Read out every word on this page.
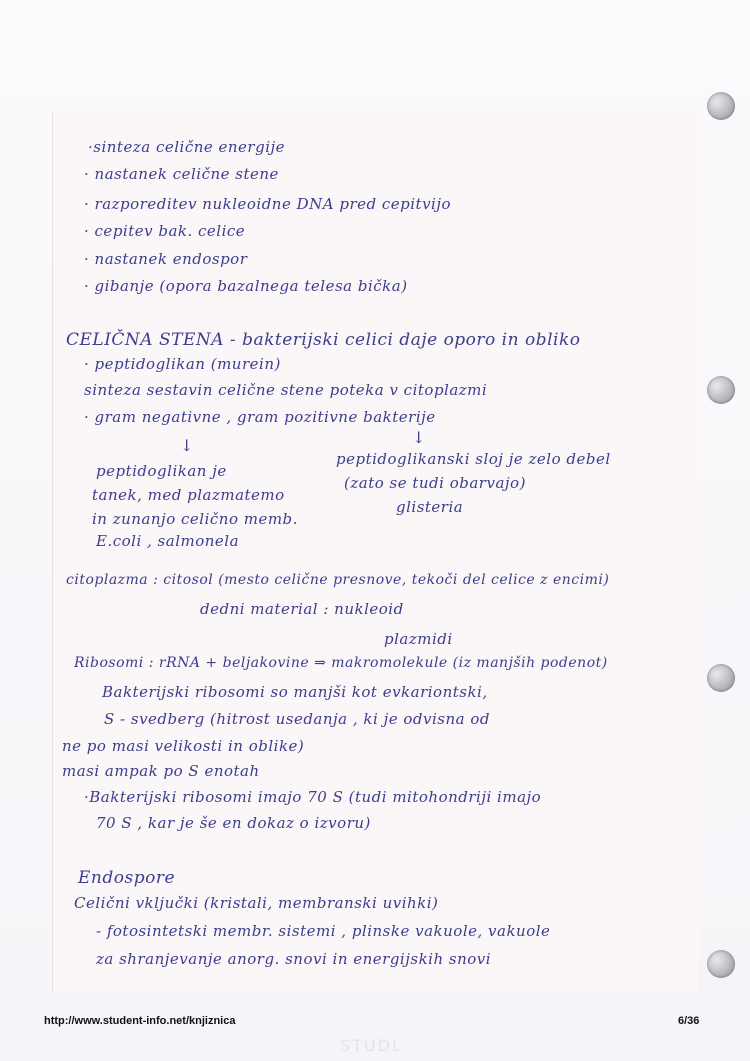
·sinteza celične energije
· nastanek celične stene
· razporeditev nukleoidne DNA pred cepitvijo
· cepitev bak. celice
· nastanek endospor
· gibanje (opora bazalnega telesa bička)
CELIČNA STENA - bakterijski celici daje oporo in obliko
· peptidoglikan (murein)
sinteza sestavin celične stene poteka v citoplazmi
· gram negativne , gram pozitivne bakterije
↓	↓
peptidoglikan je
tanek, med plazmatemo
in zunanjo celično memb.
E.coli , salmonela
peptidoglikanski sloj je zelo debel
(zato se tudi obarvajo)
glisteria
citoplazma : citosol (mesto celične presnove, tekoči del celice z encimi)
dedni material : nukleoid
plazmidi
Ribosomi : rRNA + beljakovine ⇒ makromolekule (iz manjših podenot)
Bakterijski ribosomi so manjši kot evkariontski,
S - svedberg (hitrost usedanja , ki je odvisna od
ne po masi velikosti in oblike)
masi ampak po S enotah
·Bakterijski ribosomi imajo 70 S (tudi mitohondriji imajo
70 S , kar je še en dokaz o izvoru)
Endospore
Celični vključki (kristali, membranski uvihki)
- fotosintetski membr. sistemi , plinske vakuole, vakuole
za shranjevanje anorg. snovi in energijskih snovi
http://www.student-info.net/knjiznica	6/36
STUDL
